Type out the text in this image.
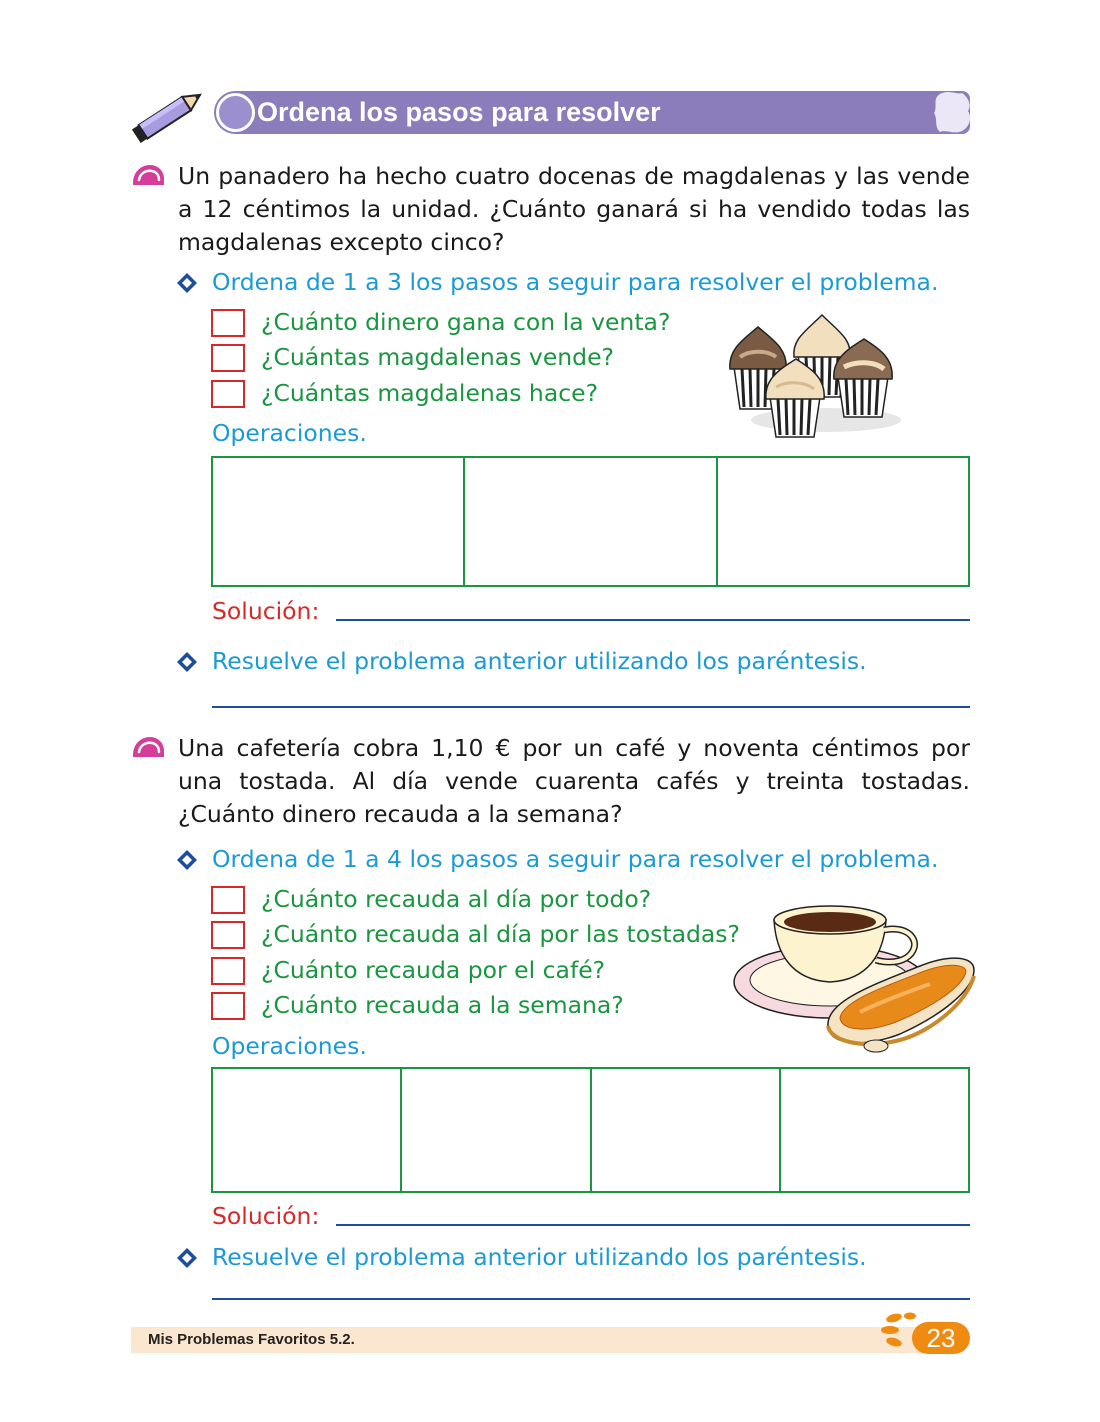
Ordena los pasos para resolver
Un panadero ha hecho cuatro docenas de magdalenas y las vende a 12 céntimos la unidad. ¿Cuánto ganará si ha vendido todas las magdalenas excepto cinco?
Ordena de 1 a 3 los pasos a seguir para resolver el problema.
¿Cuánto dinero gana con la venta?
¿Cuántas magdalenas vende?
¿Cuántas magdalenas hace?
Operaciones.
Solución:
Resuelve el problema anterior utilizando los paréntesis.
Una cafetería cobra 1,10 € por un café y noventa céntimos por una tostada. Al día vende cuarenta cafés y treinta tostadas. ¿Cuánto dinero recauda a la semana?
Ordena de 1 a 4 los pasos a seguir para resolver el problema.
¿Cuánto recauda al día por todo?
¿Cuánto recauda al día por las tostadas?
¿Cuánto recauda por el café?
¿Cuánto recauda a la semana?
Operaciones.
Solución:
Resuelve el problema anterior utilizando los paréntesis.
Mis Problemas Favoritos 5.2.	23
